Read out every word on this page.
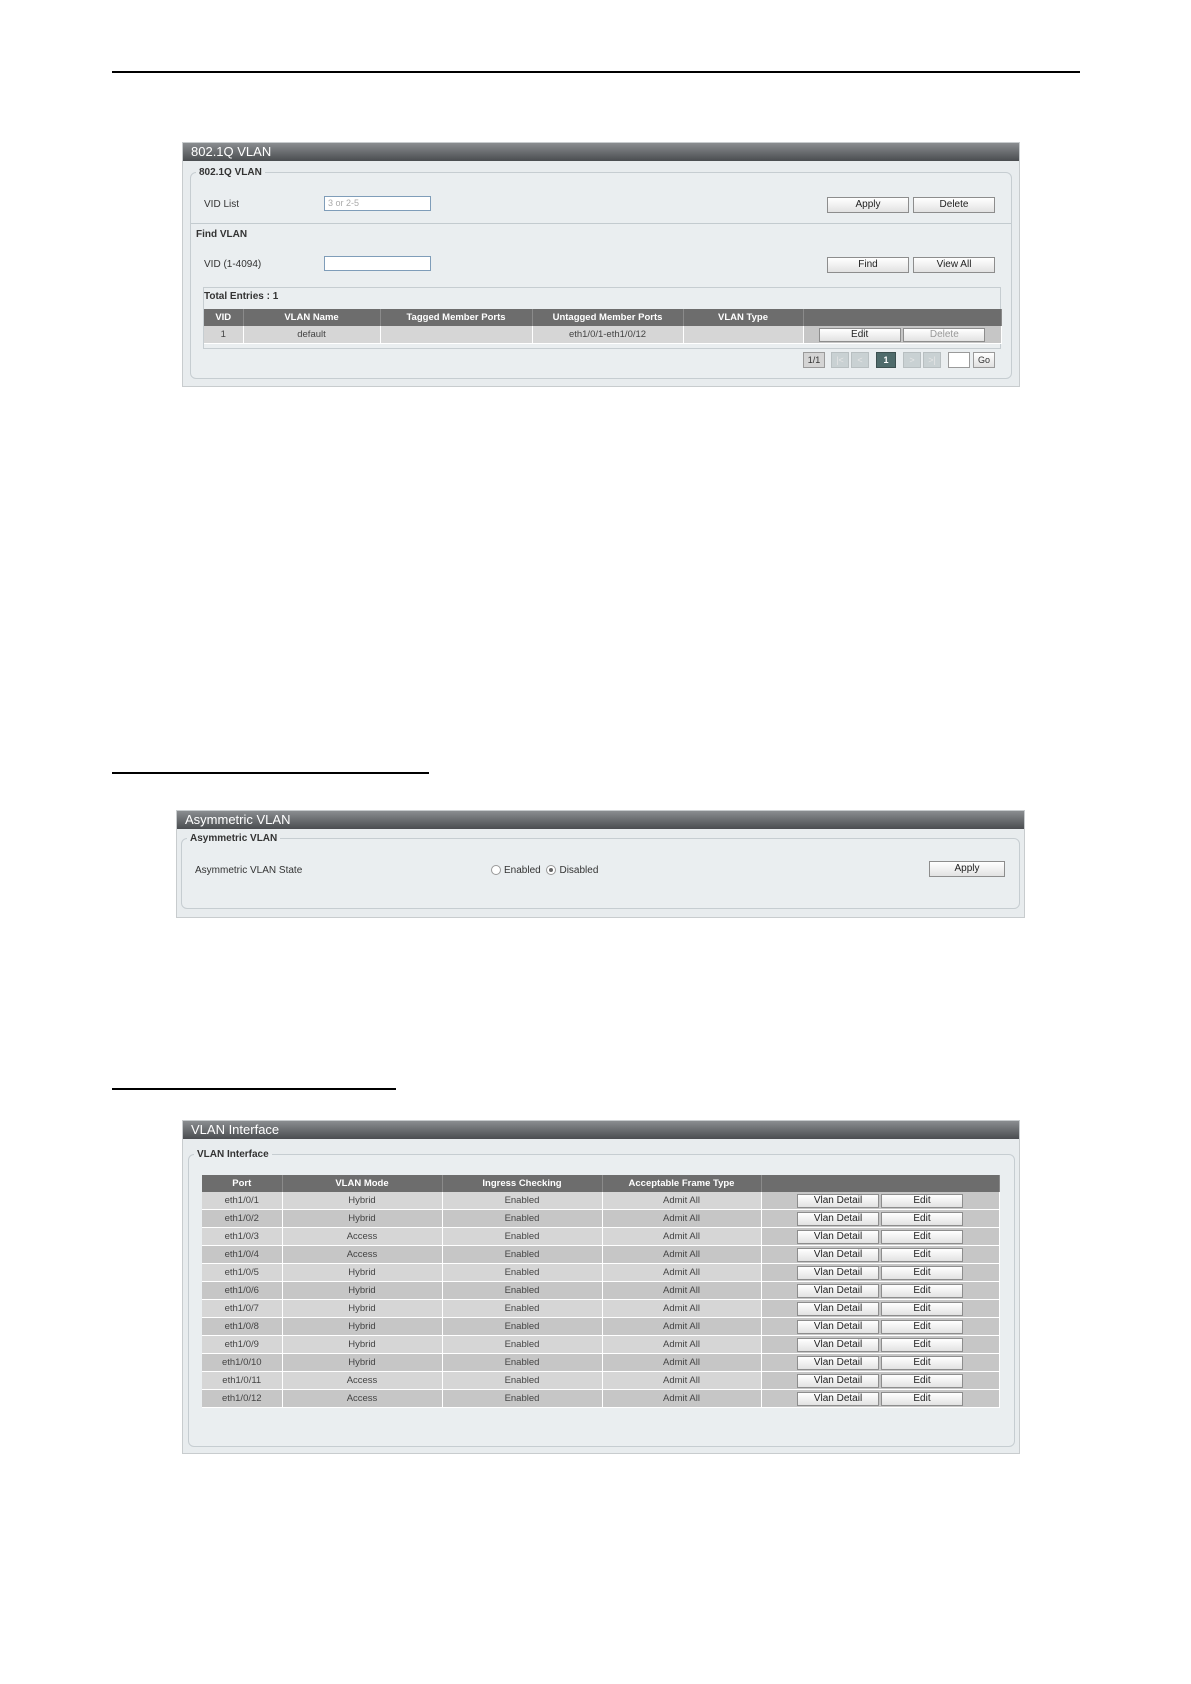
802.1Q VLAN
802.1Q VLAN
VID List	3 or 2-5	Apply	Delete
Find VLAN
VID (1-4094)	Find	View All
Total Entries : 1
VID	VLAN Name	Tagged Member Ports	Untagged Member Ports	VLAN Type	
1	default		eth1/0/1-eth1/0/12		Edit Delete
1/1	|<	<	1	>	>|	Go
Asymmetric VLAN
Asymmetric VLAN
Asymmetric VLAN State	Enabled Disabled	Apply
VLAN Interface
VLAN Interface
Port	VLAN Mode	Ingress Checking	Acceptable Frame Type	
eth1/0/1	Hybrid	Enabled	Admit All	Vlan Detail Edit
eth1/0/2	Hybrid	Enabled	Admit All	Vlan Detail Edit
eth1/0/3	Access	Enabled	Admit All	Vlan Detail Edit
eth1/0/4	Access	Enabled	Admit All	Vlan Detail Edit
eth1/0/5	Hybrid	Enabled	Admit All	Vlan Detail Edit
eth1/0/6	Hybrid	Enabled	Admit All	Vlan Detail Edit
eth1/0/7	Hybrid	Enabled	Admit All	Vlan Detail Edit
eth1/0/8	Hybrid	Enabled	Admit All	Vlan Detail Edit
eth1/0/9	Hybrid	Enabled	Admit All	Vlan Detail Edit
eth1/0/10	Hybrid	Enabled	Admit All	Vlan Detail Edit
eth1/0/11	Access	Enabled	Admit All	Vlan Detail Edit
eth1/0/12	Access	Enabled	Admit All	Vlan Detail Edit
